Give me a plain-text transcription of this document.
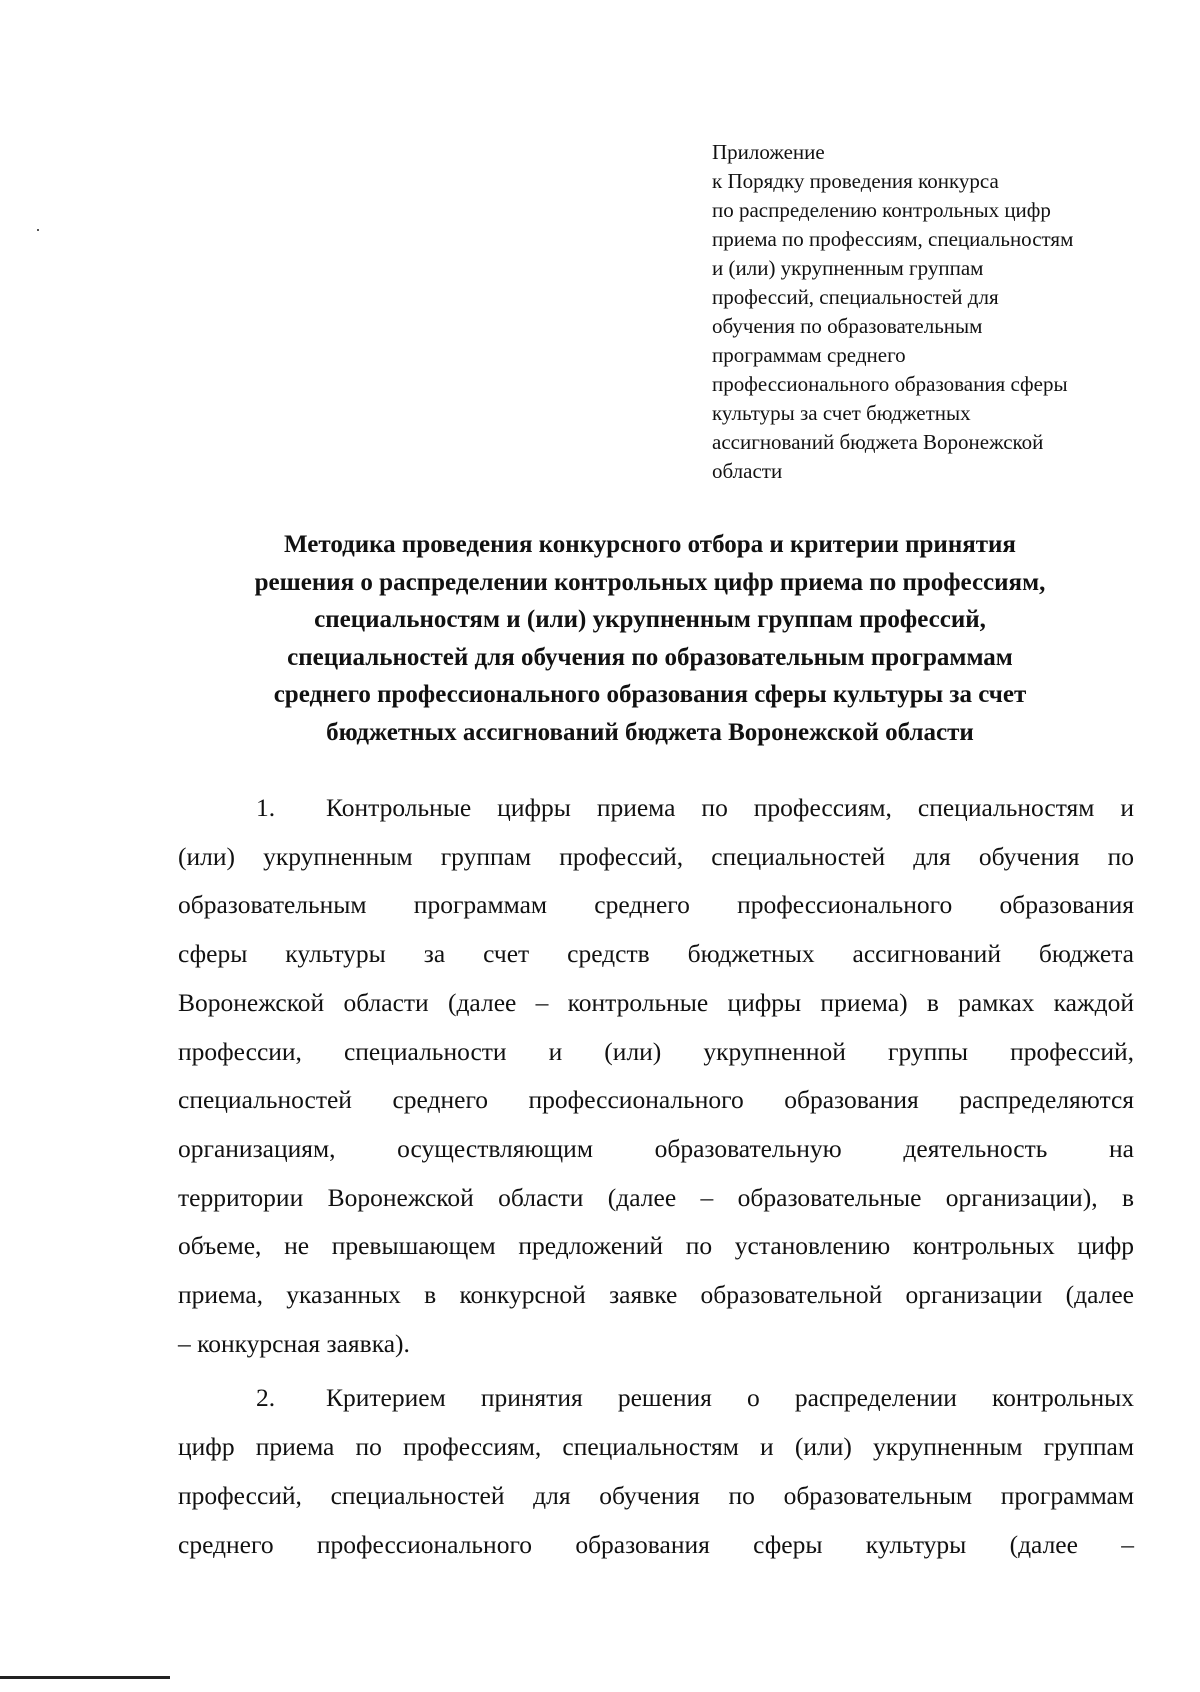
Приложение
к Порядку проведения конкурса
по распределению контрольных цифр
приема по профессиям, специальностям
и (или) укрупненным группам
профессий, специальностей для
обучения по образовательным
программам среднего
профессионального образования сферы
культуры за счет бюджетных
ассигнований бюджета Воронежской
области
Методика проведения конкурсного отбора и критерии принятия
решения о распределении контрольных цифр приема по профессиям,
специальностям и (или) укрупненным группам профессий,
специальностей для обучения по образовательным программам
среднего профессионального образования сферы культуры за счет
бюджетных ассигнований бюджета Воронежской области
1. Контрольные цифры приема по профессиям, специальностям и
(или) укрупненным группам профессий, специальностей для обучения по
образовательным программам среднего профессионального образования
сферы культуры за счет средств бюджетных ассигнований бюджета
Воронежской области (далее – контрольные цифры приема) в рамках каждой
профессии, специальности и (или) укрупненной группы профессий,
специальностей среднего профессионального образования распределяются
организациям, осуществляющим образовательную деятельность на
территории Воронежской области (далее – образовательные организации), в
объеме, не превышающем предложений по установлению контрольных цифр
приема, указанных в конкурсной заявке образовательной организации (далее
– конкурсная заявка).
2. Критерием принятия решения о распределении контрольных
цифр приема по профессиям, специальностям и (или) укрупненным группам
профессий, специальностей для обучения по образовательным программам
среднего профессионального образования сферы культуры (далее –
